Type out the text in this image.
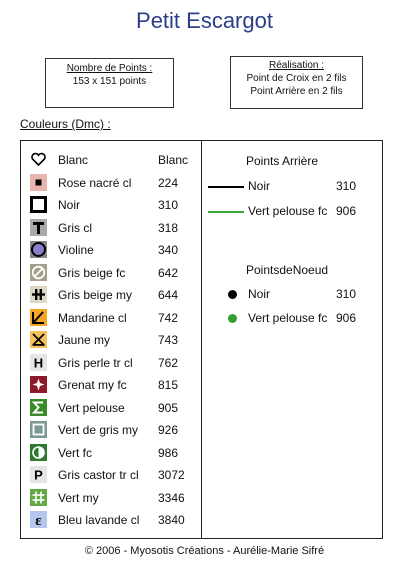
Petit Escargot
Nombre de Points :
153 x 151 points
Réalisation :
Point de Croix en 2 fils
Point Arrière en 2 fils
Couleurs (Dmc) :
Blanc	Blanc
Rose nacré cl 224
Noir	310
Gris cl	318
Violine	340
Gris beige fc	642
Gris beige my 644
Mandarine cl	742
Jaune my	743
H Gris perle tr cl 762
Grenat my fc	815
Vert pelouse	905
Vert de gris my 926
Vert fc	986
P Gris castor tr cl 3072
Vert my	3346
ε Bleu lavande cl 3840
Points Arrière
Noir	310
Vert pelouse fc 906
PointsdeNoeud
Noir	310
Vert pelouse fc 906
© 2006 - Myosotis Créations - Aurélie-Marie Sifré
